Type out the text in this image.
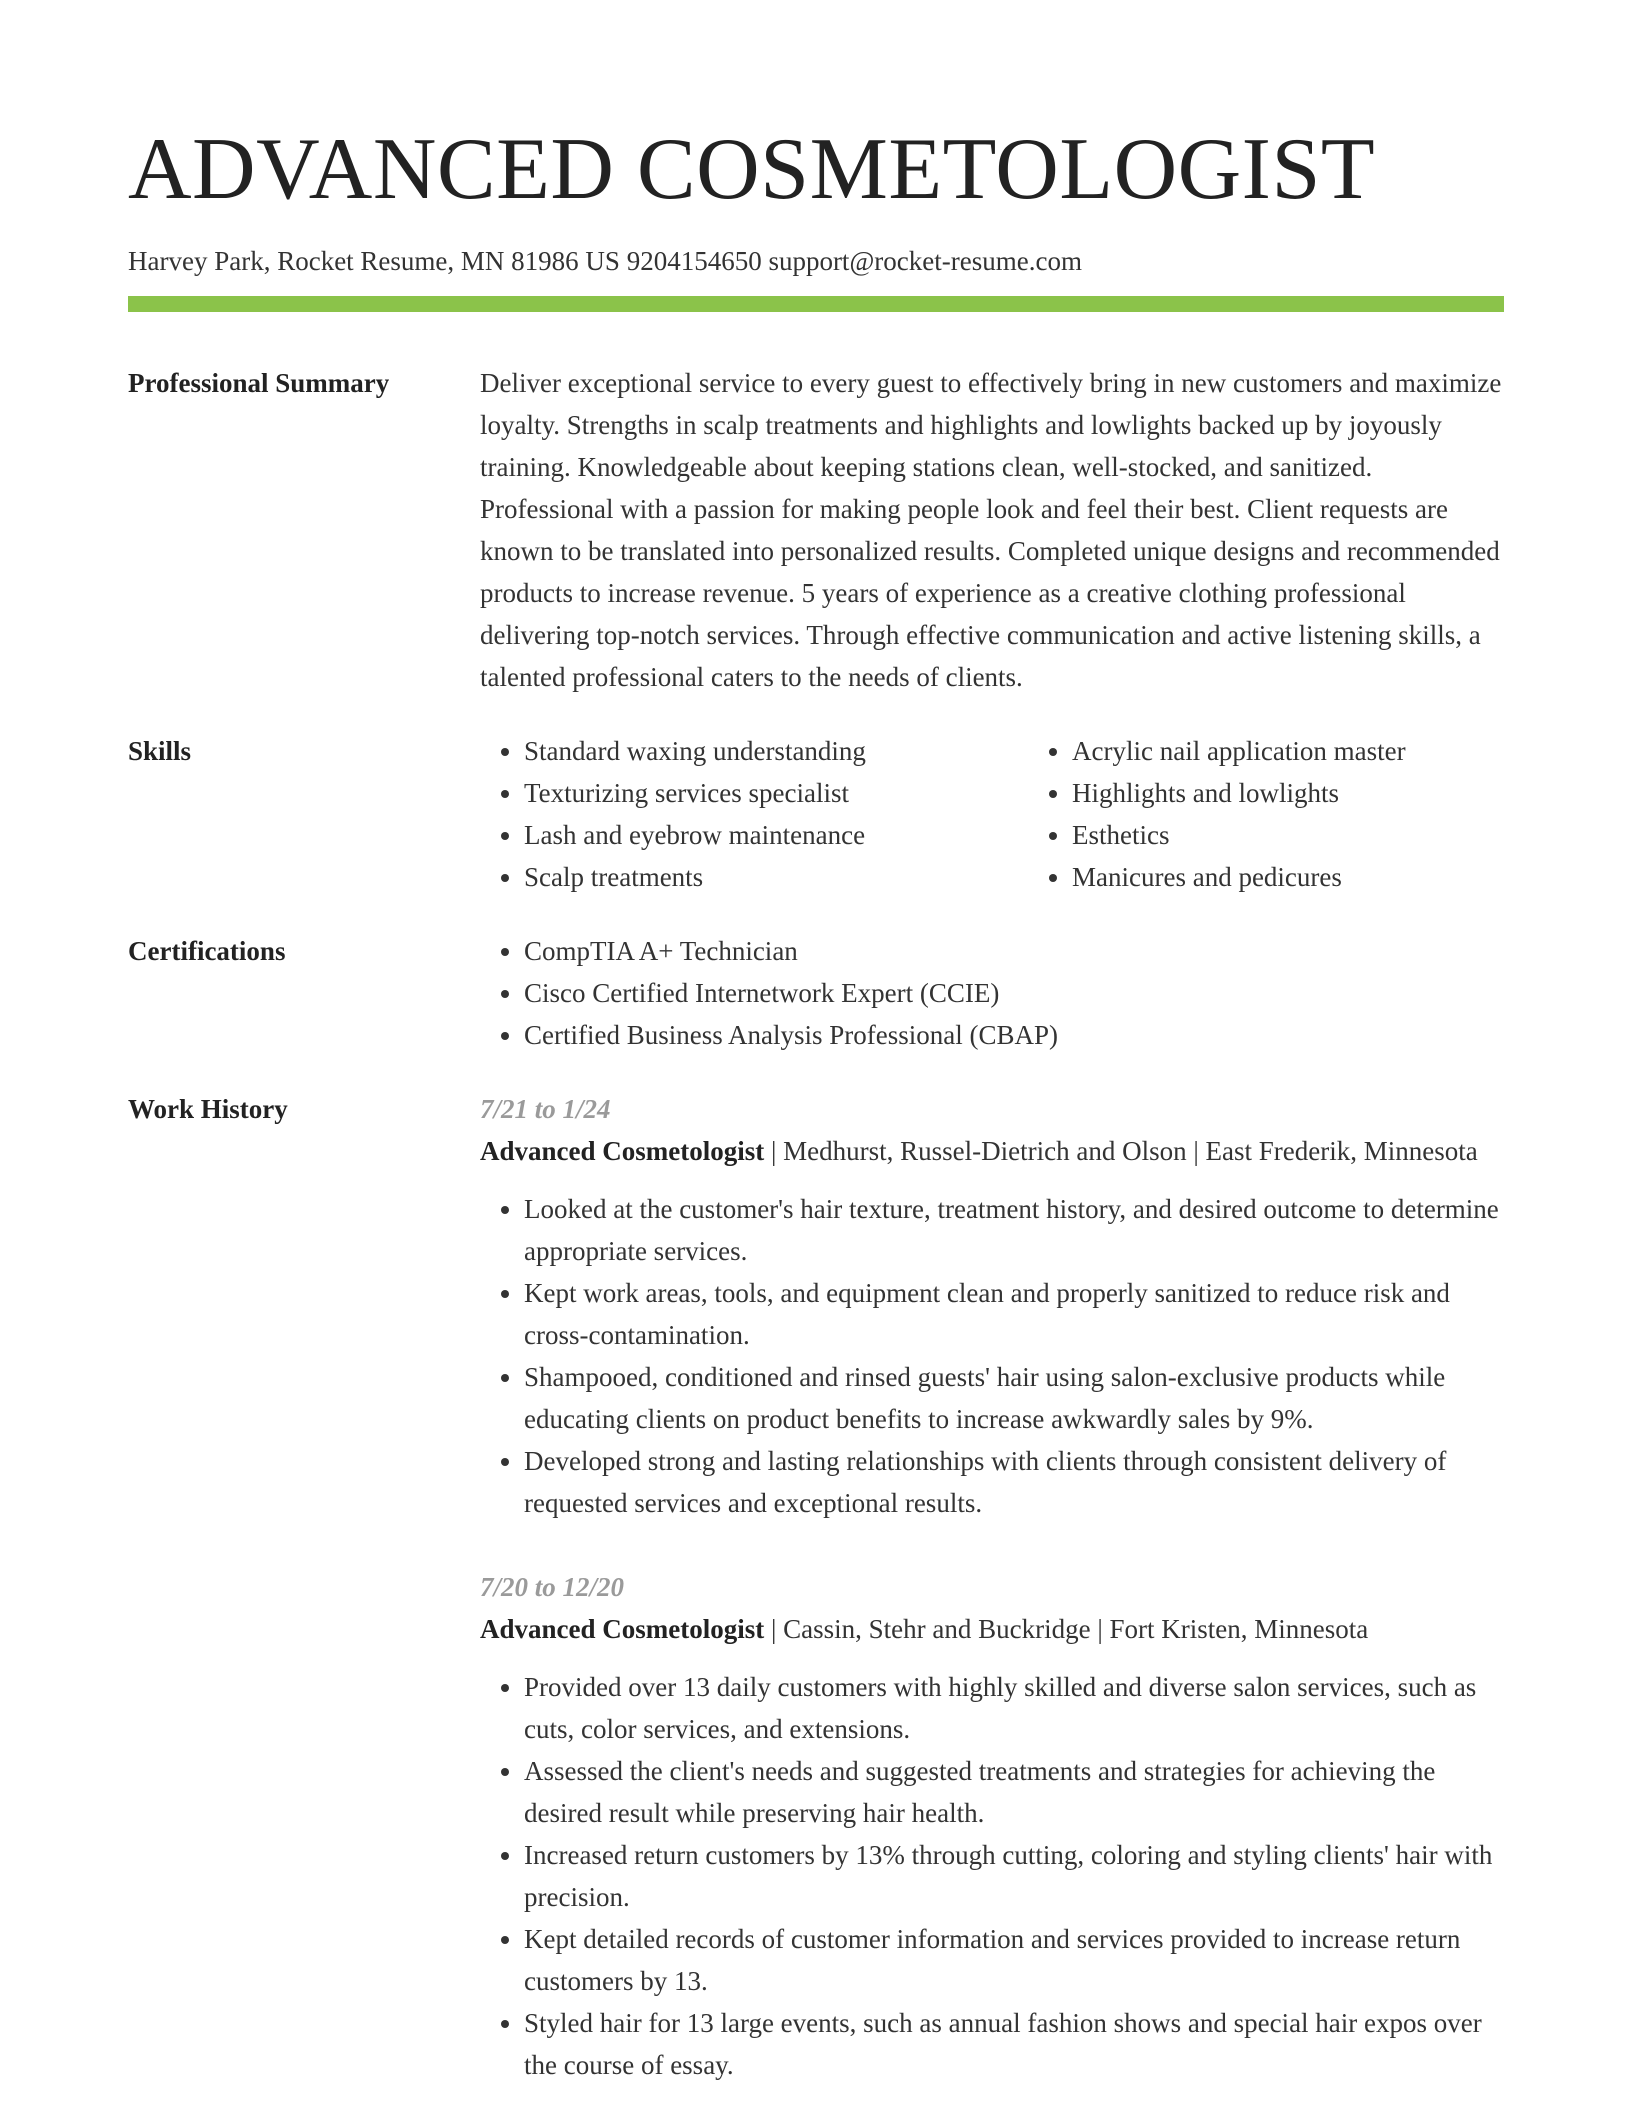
ADVANCED COSMETOLOGIST
Harvey Park, Rocket Resume, MN 81986 US 9204154650 support@rocket-resume.com
Professional Summary	Deliver exceptional service to every guest to effectively bring in new customers and maximize loyalty. Strengths in scalp treatments and highlights and lowlights backed up by joyously training. Knowledgeable about keeping stations clean, well-stocked, and sanitized. Professional with a passion for making people look and feel their best. Client requests are known to be translated into personalized results. Completed unique designs and recommended products to increase revenue. 5 years of experience as a creative clothing professional delivering top-notch services. Through effective communication and active listening skills, a talented professional caters to the needs of clients.

Skills	• Standard waxing understanding
• Texturizing services specialist
• Lash and eyebrow maintenance
• Scalp treatments
• Acrylic nail application master
• Highlights and lowlights
• Esthetics
• Manicures and pedicures
Certifications	• CompTIA A+ Technician
• Cisco Certified Internetwork Expert (CCIE)
• Certified Business Analysis Professional (CBAP)
Work History	7/21 to 1/24
Advanced Cosmetologist | Medhurst, Russel-Dietrich and Olson | East Frederik, Minnesota
• Looked at the customer's hair texture, treatment history, and desired outcome to determine appropriate services.
• Kept work areas, tools, and equipment clean and properly sanitized to reduce risk and cross-contamination.
• Shampooed, conditioned and rinsed guests' hair using salon-exclusive products while educating clients on product benefits to increase awkwardly sales by 9%.
• Developed strong and lasting relationships with clients through consistent delivery of requested services and exceptional results.
7/20 to 12/20
Advanced Cosmetologist | Cassin, Stehr and Buckridge | Fort Kristen, Minnesota
• Provided over 13 daily customers with highly skilled and diverse salon services, such as cuts, color services, and extensions.
• Assessed the client's needs and suggested treatments and strategies for achieving the desired result while preserving hair health.
• Increased return customers by 13% through cutting, coloring and styling clients' hair with precision.
• Kept detailed records of customer information and services provided to increase return customers by 13.
• Styled hair for 13 large events, such as annual fashion shows and special hair expos over the course of essay.
